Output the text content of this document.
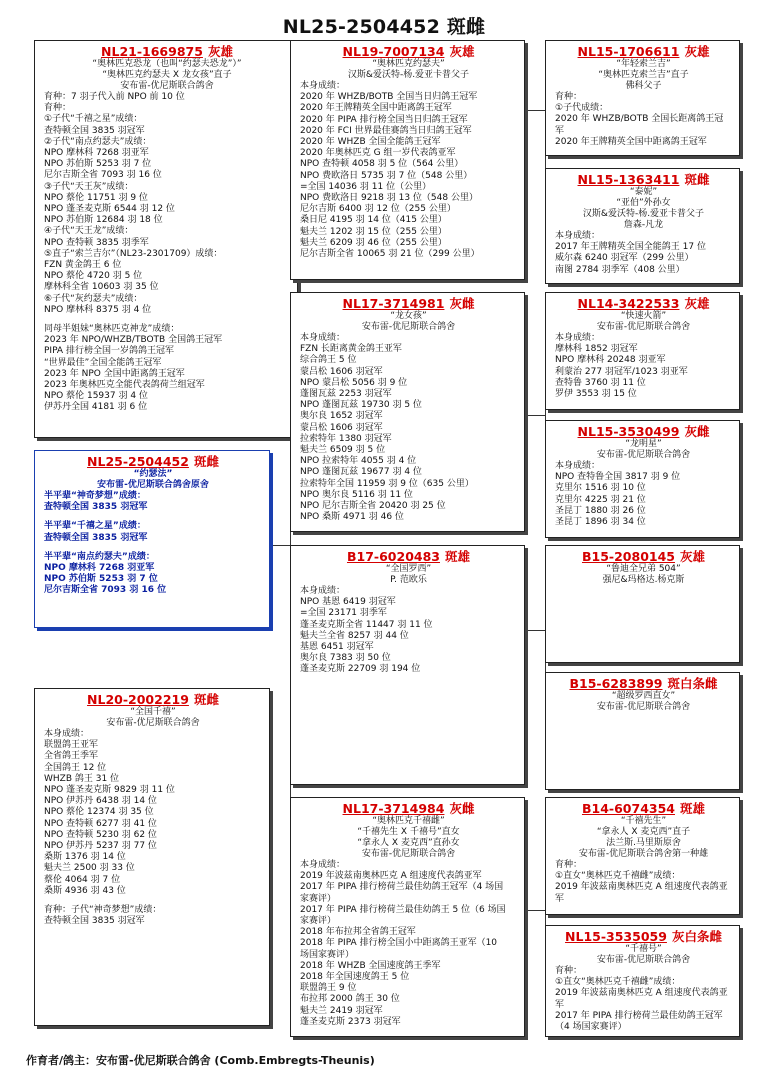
NL25-2504452 斑雌
NL25-2504452 斑雌
“约瑟法”
安布雷-优尼斯联合鸽舍原舍
半平辈“神奇梦想”成绩：
查特顿全国 3835 羽冠军
半平辈“千禧之星”成绩：
查特顿全国 3835 羽冠军
半平辈“南点约瑟夫”成绩：
NPO 摩林科 7268 羽亚军
NPO 苏伯斯 5253 羽 7 位
尼尔吉斯全省 7093 羽 16 位
NL21-1669875 灰雄
“奥林匹克恐龙（也叫“约瑟夫恐龙”）”
“奥林匹克约瑟夫 X 龙女孩”直子
安布雷-优尼斯联合鸽舍
育种：7 羽子代入前 NPO 前 10 位
育种：
①子代“千禧之星”成绩：
查特顿全国 3835 羽冠军
②子代“南点约瑟夫”成绩：
NPO 摩林科 7268 羽亚军
NPO 苏伯斯 5253 羽 7 位
尼尔吉斯全省 7093 羽 16 位
③子代“天王灰”成绩：
NPO 蔡伦 11751 羽 9 位
NPO 蓬圣麦克斯 6544 羽 12 位
NPO 苏伯斯 12684 羽 18 位
④子代“天王龙”成绩：
NPO 查特顿 3835 羽季军
⑤直子“索兰吉尔”（NL23-2301709）成绩：
FZN 黄金鸽王 6 位
NPO 蔡伦 4720 羽 5 位
摩林科全省 10603 羽 35 位
⑥子代“灰约瑟夫”成绩：
NPO 摩林科 8375 羽 4 位
同母半姐妹“奥林匹克神龙”成绩：
2023 年 NPO/WHZB/TBOTB 全国鸽王冠军
PIPA 排行榜全国一岁鸽鸽王冠军
“世界最佳”全国全能鸽王冠军
2023 年 NPO 全国中距离鸽王冠军
2023 年奥林匹克全能代表鸽荷兰组冠军
NPO 蔡伦 15937 羽 4 位
伊苏丹全国 4181 羽 6 位
NL20-2002219 斑雌
“全国千禧”
安布雷-优尼斯联合鸽舍
本身成绩：
联盟鸽王亚军
全省鸽王季军
全国鸽王 12 位
WHZB 鸽王 31 位
NPO 蓬圣麦克斯 9829 羽 11 位
NPO 伊苏丹 6438 羽 14 位
NPO 蔡伦 12374 羽 35 位
NPO 查特顿 6277 羽 41 位
NPO 查特顿 5230 羽 62 位
NPO 伊苏丹 5237 羽 77 位
桑斯 1376 羽 14 位
魁夫兰 2500 羽 33 位
蔡伦 4064 羽 7 位
桑斯 4936 羽 43 位
育种：子代“神奇梦想”成绩：
查特顿全国 3835 羽冠军
NL19-7007134 灰雄
“奥林匹克约瑟夫”
汉斯&爱沃特-杨.爱亚卡普父子
本身成绩：
2020 年 WHZB/BOTB 全国当日归鸽王冠军
2020 年王牌精英全国中距离鸽王冠军
2020 年 PIPA 排行榜全国当日归鸽王冠军
2020 年 FCI 世界最佳赛鸽当日归鸽王冠军
2020 年 WHZB 全国全能鸽王冠军
2020 年奥林匹克 G 组一岁代表鸽亚军
NPO 查特顿 4058 羽 5 位（564 公里）
NPO 费欧洛日 5735 羽 7 位（548 公里）
=全国 14036 羽 11 位（公里）
NPO 费欧洛日 9218 羽 13 位（548 公里）
尼尔吉斯 6400 羽 12 位（255 公里）
桑日尼 4195 羽 14 位（415 公里）
魁夫兰 1202 羽 15 位（255 公里）
魁夫兰 6209 羽 46 位（255 公里）
尼尔吉斯全省 10065 羽 21 位（299 公里）
NL17-3714981 灰雌
“龙女孩”
安布雷-优尼斯联合鸽舍
本身成绩：
FZN 长距离黄金鸽王亚军
综合鸽王 5 位
蒙吕松 1606 羽冠军
NPO 蒙吕松 5056 羽 9 位
蓬图瓦兹 2253 羽冠军
NPO 蓬图瓦兹 19730 羽 5 位
奥尔良 1652 羽冠军
蒙吕松 1606 羽冠军
拉索特年 1380 羽冠军
魁夫兰 6509 羽 5 位
NPO 拉索特年 4055 羽 4 位
NPO 蓬图瓦兹 19677 羽 4 位
拉索特年全国 11959 羽 9 位（635 公里）
NPO 奥尔良 5116 羽 11 位
NPO 尼尔吉斯全省 20420 羽 25 位
NPO 桑斯 4971 羽 46 位
B17-6020483 斑雄
“全国罗西”
P. 范欧乐
本身成绩：
NPO 基恩 6419 羽冠军
=全国 23171 羽季军
蓬圣麦克斯全省 11447 羽 11 位
魁夫兰全省 8257 羽 44 位
基恩 6451 羽冠军
奥尔良 7383 羽 50 位
蓬圣麦克斯 22709 羽 194 位
NL17-3714984 灰雌
“奥林匹克千禧雌”
“千禧先生 X 千禧号”直女
“拿永人 X 麦克西”直孙女
安布雷-优尼斯联合鸽舍
本身成绩：
2019 年波兹南奥林匹克 A 组速度代表鸽亚军
2017 年 PIPA 排行榜荷兰最佳幼鸽王冠军（4 场国
家赛评）
2017 年 PIPA 排行榜荷兰最佳幼鸽王 5 位（6 场国
家赛评）
2018 年布拉邦全省鸽王冠军
2018 年 PIPA 排行榜全国小中距离鸽王亚军（10
场国家赛评）
2018 年 WHZB 全国速度鸽王季军
2018 年全国速度鸽王 5 位
联盟鸽王 9 位
布拉邦 2000 鸽王 30 位
魁夫兰 2419 羽冠军
蓬圣麦克斯 2373 羽冠军
NL15-1706611 灰雄
“年轻索兰吉”
“奥林匹克索兰吉”直子
佛科父子
育种：
①子代成绩：
2020 年 WHZB/BOTB 全国长距离鸽王冠
军
2020 年王牌精英全国中距离鸽王冠军
NL15-1363411 斑雌
“泰妮”
“亚伯”外孙女
汉斯&爱沃特-杨.爱亚卡普父子
詹森-凡龙
本身成绩：
2017 年王牌精英全国全能鸽王 17 位
威尔森 6240 羽冠军（299 公里）
南图 2784 羽季军（408 公里）
NL14-3422533 灰雄
“快速火箭”
安布雷-优尼斯联合鸽舍
本身成绩：
摩林科 1852 羽冠军
NPO 摩林科 20248 羽亚军
利蒙治 277 羽冠军/1023 羽亚军
查特鲁 3760 羽 11 位
罗伊 3553 羽 15 位
NL15-3530499 灰雌
“龙明星”
安布雷-优尼斯联合鸽舍
本身成绩：
NPO 查特鲁全国 3817 羽 9 位
克里尔 1516 羽 10 位
克里尔 4225 羽 21 位
圣昆丁 1880 羽 26 位
圣昆丁 1896 羽 34 位
B15-2080145 灰雄
“鲁迪全兄弟 504”
强尼&玛格达.杨克斯
B15-6283899 斑白条雌
“超级罗西直女”
安布雷-优尼斯联合鸽舍
B14-6074354 斑雄
“千禧先生”
“拿永人 X 麦克西”直子
法兰斯.马里斯原舍
安布雷-优尼斯联合鸽舍第一种雄
育种：
①直女“奥林匹克千禧雌”成绩：
2019 年波兹南奥林匹克 A 组速度代表鸽亚
军
NL15-3535059 灰白条雌
“千禧号”
安布雷-优尼斯联合鸽舍
育种：
①直女“奥林匹克千禧雌”成绩：
2019 年波兹南奥林匹克 A 组速度代表鸽亚
军
2017 年 PIPA 排行榜荷兰最佳幼鸽王冠军
（4 场国家赛评）
作育者/鸽主：安布雷-优尼斯联合鸽舍 (Comb.Embregts-Theunis)
